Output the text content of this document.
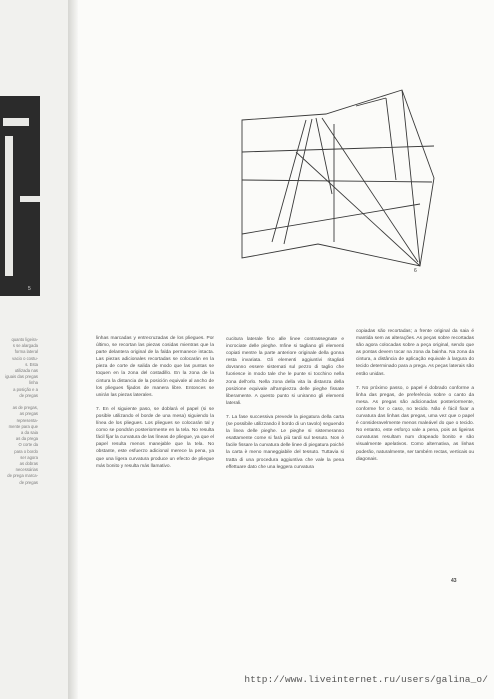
5
quanto ligeira-
s se alargada
forma lateral
vacio o costu-
s. Esta
utilizada nas
iguais das pregas
linha
a posição e a
de pregas

as de pregas,
as pregas
representa-
mente para que
a da saia
as da prega
O corte da
para o bordo
ser agora
as dobras
necessárias
de prega marca-
de pregas
6

linhas marcadas y entrecruzadas de los pliegues. Por último, se recortan las piezas cosidas mientras que la parte delantera original de la falda permanece intacta. Las piezas adicionales recortadas se colocarán en la pieza de corte de salida de modo que las puntas se toquen en la zona del costadillo. En la zona de la cintura la distancia de la posición equivale al ancho de los pliegues fijados de manera libre. Entonces se unirán las piezas laterales.

7. En el siguiente paso, se doblará el papel (si se posible utilizando el borde de una mesa) siguiendo la línea de los pliegues. Los pliegues se colocarán tal y como se pondrán posteriormente en la tela. No resulta fácil fijar la curvatura de las líneas de pliegue, ya que el papel resulta menos manejable que la tela. No obstante, este esfuerzo adicional merece la pena, ya que una ligera curvatura produce un efecto de pliegue más bonito y resulta más llamativo.

cucitura laterale fino alle linee contrassegnate e incrociate delle pieghe. Infine si tagliano gli elementi copiati mentre la parte anteriore originale della gonna resta invariata. Gli elementi aggiuntivi ritagliati dovranno essere sistemati sul pezzo di taglio che fuoriesce in modo tale che le punte si tocchino nella zona dell'orlo. Nella zona della vita la distanza della posizione equivale all'ampiezza delle pieghe fissate liberamente. A questo punto si uniranno gli elementi laterali.

7. La fase successiva prevede la piegatura della carta (se possibile utilizzando il bordo di un tavolo) seguendo la linea delle pieghe. Le pieghe si sistemeranno esattamente come si farà più tardi sul tessuto. Non è facile fissare la curvatura delle linee di piegatura poiché la carta è meno maneggiabile del tessuto. Tuttavia si tratta di una procedura aggiuntiva che vale la pena effettuare dato che una leggera curvatura

copiadas são recortadas; a frente original da saia é mantida sem as alterações. As peças sobre recortadas são agora colocadas sobre a peça original, sendo que as pontas devem tocar na zona da bainha. Na zona da cintura, a distância de aplicação equivale à largura do tecido determinado para a prega. As peças laterais são então unidas.

7. No próximo passo, o papel é dobrado conforme a linha das pregas, de preferência sobre o canto da mesa. As pregas são adicionadas posteriormente, conforme for o caso, no tecido. Não é fácil fixar a curvatura das linhas das pregas, uma vez que o papel é consideravelmente menos maleável do que o tecido. No entanto, este esforço vale a pena, pois as ligeiras curvaturas resultam num drapeado bonito e são visualmente apelativos. Como alternativa, as linhas poderão, naturalmente, ser também rectas, verticais ou diagonais.

43
http://www.liveinternet.ru/users/galina_o/
